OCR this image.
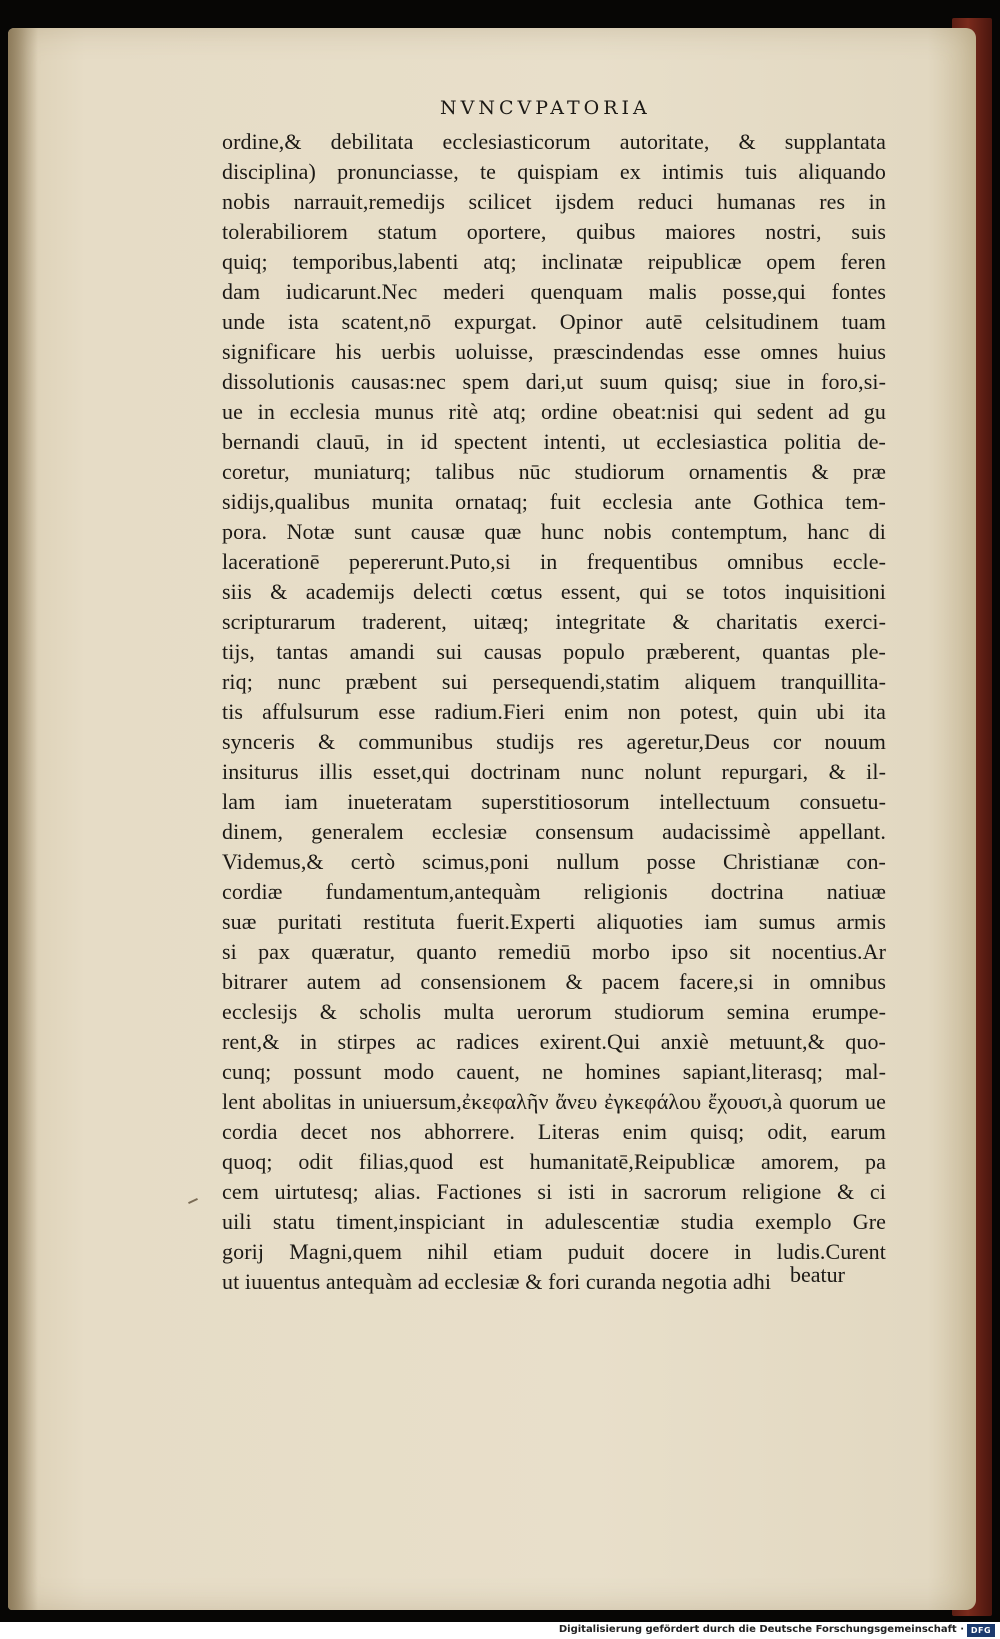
NVNCVPATORIA
ordine,& debilitata ecclesiasticorum autoritate, & supplantata
disciplina) pronunciasse, te quispiam ex intimis tuis aliquando
nobis narrauit,remedijs scilicet ijsdem reduci humanas res in
tolerabiliorem statum oportere, quibus maiores nostri, suis
quiq; temporibus,labenti atq; inclinatæ reipublicæ opem feren
dam iudicarunt.Nec mederi quenquam malis posse,qui fontes
unde ista scatent,nō expurgat. Opinor autē celsitudinem tuam
significare his uerbis uoluisse, præscindendas esse omnes huius
dissolutionis causas:nec spem dari,ut suum quisq; siue in foro,si-
ue in ecclesia munus ritè atq; ordine obeat:nisi qui sedent ad gu
bernandi clauū, in id spectent intenti, ut ecclesiastica politia de-
coretur, muniaturq; talibus nūc studiorum ornamentis & præ
sidijs,qualibus munita ornataq; fuit ecclesia ante Gothica tem-
pora. Notæ sunt causæ quæ hunc nobis contemptum, hanc di
lacerationē pepererunt.Puto,si in frequentibus omnibus eccle-
siis & academijs delecti cœtus essent, qui se totos inquisitioni
scripturarum traderent, uitæq; integritate & charitatis exerci-
tijs, tantas amandi sui causas populo præberent, quantas ple-
riq; nunc præbent sui persequendi,statim aliquem tranquillita-
tis affulsurum esse radium.Fieri enim non potest, quin ubi ita
synceris & communibus studijs res ageretur,Deus cor nouum
insiturus illis esset,qui doctrinam nunc nolunt repurgari, & il-
lam iam inueteratam superstitiosorum intellectuum consuetu-
dinem, generalem ecclesiæ consensum audacissimè appellant.
Videmus,& certò scimus,poni nullum posse Christianæ con-
cordiæ fundamentum,antequàm religionis doctrina natiuæ
suæ puritati restituta fuerit.Experti aliquoties iam sumus armis
si pax quæratur, quanto remediū morbo ipso sit nocentius.Ar
bitrarer autem ad consensionem & pacem facere,si in omnibus
ecclesijs & scholis multa uerorum studiorum semina erumpe-
rent,& in stirpes ac radices exirent.Qui anxiè metuunt,& quo-
cunq; possunt modo cauent, ne homines sapiant,literasq; mal-
lent abolitas in uniuersum,ἐκεφαλῆν ἄνευ ἐγκεφάλου ἔχουσι,à quorum ue
cordia decet nos abhorrere. Literas enim quisq; odit, earum
quoq; odit filias,quod est humanitatē,Reipublicæ amorem, pa
cem uirtutesq; alias. Factiones si isti in sacrorum religione & ci
uili statu timent,inspiciant in adulescentiæ studia exemplo Gre
gorij Magni,quem nihil etiam puduit docere in ludis.Curent
ut iuuentus antequàm ad ecclesiæ & fori curanda negotia adhi beatur
Digitalisierung gefördert durch die Deutsche Forschungsgemeinschaft · DFG
